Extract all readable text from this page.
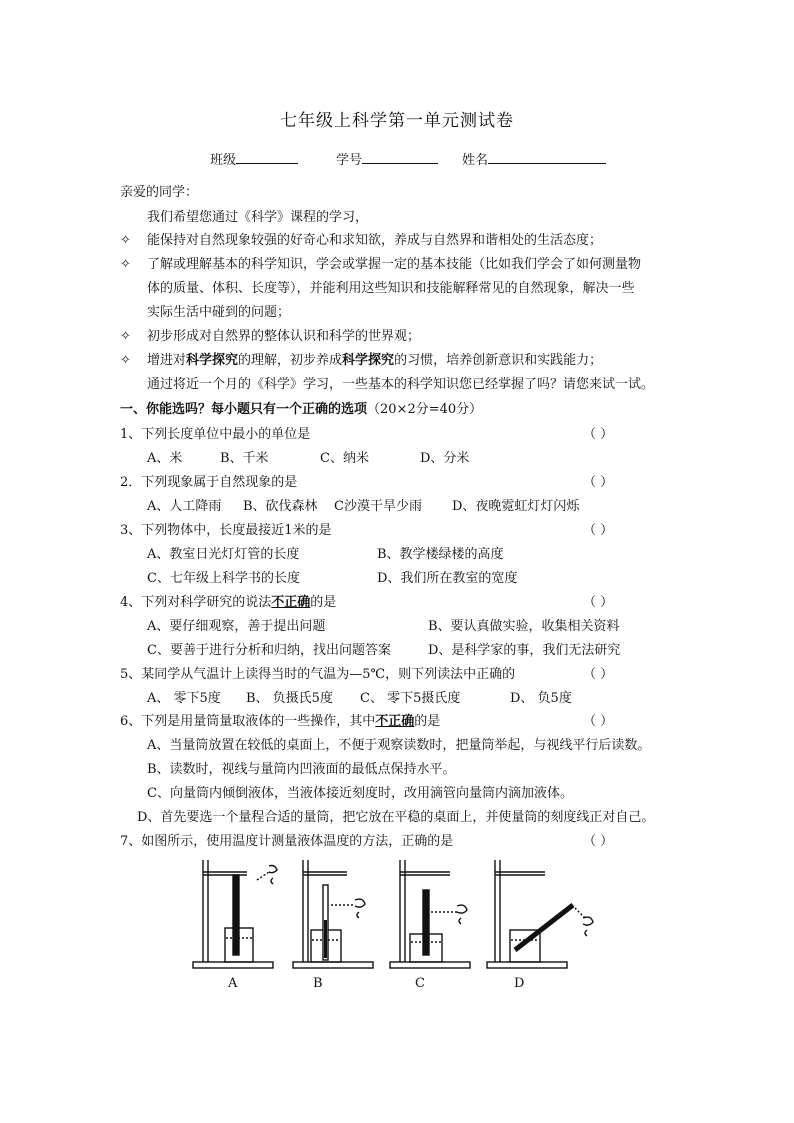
七年级上科学第一单元测试卷
班级	学号	姓名
亲爱的同学：
我们希望您通过《科学》课程的学习，
✧ 能保持对自然现象较强的好奇心和求知欲，养成与自然界和谐相处的生活态度；
✧ 了解或理解基本的科学知识，学会或掌握一定的基本技能（比如我们学会了如何测量物
体的质量、体积、长度等），并能利用这些知识和技能解释常见的自然现象，解决一些
实际生活中碰到的问题；
✧ 初步形成对自然界的整体认识和科学的世界观；
✧ 增进对科学探究的理解，初步养成科学探究的习惯，培养创新意识和实践能力；
通过将近一个月的《科学》学习，一些基本的科学知识您已经掌握了吗？请您来试一试。
一、你能选吗？每小题只有一个正确的选项（20×2分=40分）
1、下列长度单位中最小的单位是	（ ）
A、米	B、千米	C、纳米	D、分米
2．下列现象属于自然现象的是	（ ）
A、人工降雨 B、砍伐森林 C沙漠干旱少雨 D、夜晚霓虹灯灯闪烁
3、下列物体中，长度最接近1米的是	（ ）
A、教室日光灯灯管的长度	B、教学楼绿楼的高度
C、七年级上科学书的长度	D、我们所在教室的宽度
4、下列对科学研究的说法不正确的是	（ ）
A、要仔细观察，善于提出问题	B、要认真做实验，收集相关资料
C、要善于进行分析和归纳，找出问题答案	D、是科学家的事，我们无法研究
5、某同学从气温计上读得当时的气温为—5℃，则下列读法中正确的	（ ）
A、 零下5度 B、 负摄氏5度 C、 零下5摄氏度	D、 负5度
6、下列是用量筒量取液体的一些操作，其中不正确的是	（ ）
A、当量筒放置在较低的桌面上，不便于观察读数时，把量筒举起，与视线平行后读数。
B、读数时，视线与量筒内凹液面的最低点保持水平。
C、向量筒内倾倒液体，当液体接近刻度时，改用滴管向量筒内滴加液体。
D、首先要选一个量程合适的量筒，把它放在平稳的桌面上，并使量筒的刻度线正对自己。
7、如图所示，使用温度计测量液体温度的方法，正确的是	（ ）
A	B	C	D
